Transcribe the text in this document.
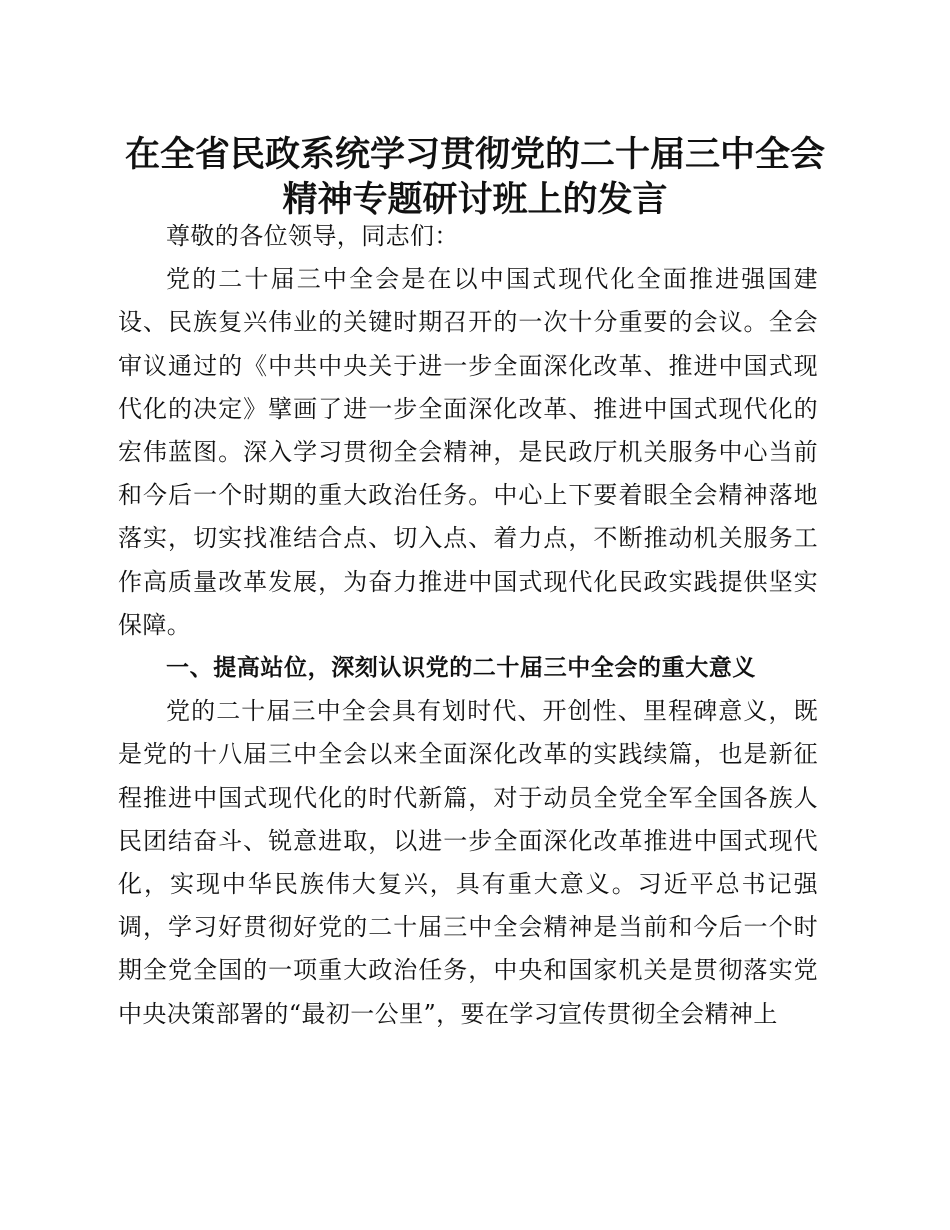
在全省民政系统学习贯彻党的二十届三中全会
精神专题研讨班上的发言

尊敬的各位领导，同志们：

党的二十届三中全会是在以中国式现代化全面推进强国建设、民族复兴伟业的关键时期召开的一次十分重要的会议。全会审议通过的《中共中央关于进一步全面深化改革、推进中国式现代化的决定》擘画了进一步全面深化改革、推进中国式现代化的宏伟蓝图。深入学习贯彻全会精神，是民政厅机关服务中心当前和今后一个时期的重大政治任务。中心上下要着眼全会精神落地落实，切实找准结合点、切入点、着力点，不断推动机关服务工作高质量改革发展，为奋力推进中国式现代化民政实践提供坚实保障。

一、提高站位，深刻认识党的二十届三中全会的重大意义

党的二十届三中全会具有划时代、开创性、里程碑意义，既是党的十八届三中全会以来全面深化改革的实践续篇，也是新征程推进中国式现代化的时代新篇，对于动员全党全军全国各族人民团结奋斗、锐意进取，以进一步全面深化改革推进中国式现代化，实现中华民族伟大复兴，具有重大意义。习近平总书记强调，学习好贯彻好党的二十届三中全会精神是当前和今后一个时期全党全国的一项重大政治任务，中央和国家机关是贯彻落实党中央决策部署的“最初一公里”，要在学习宣传贯彻全会精神上
